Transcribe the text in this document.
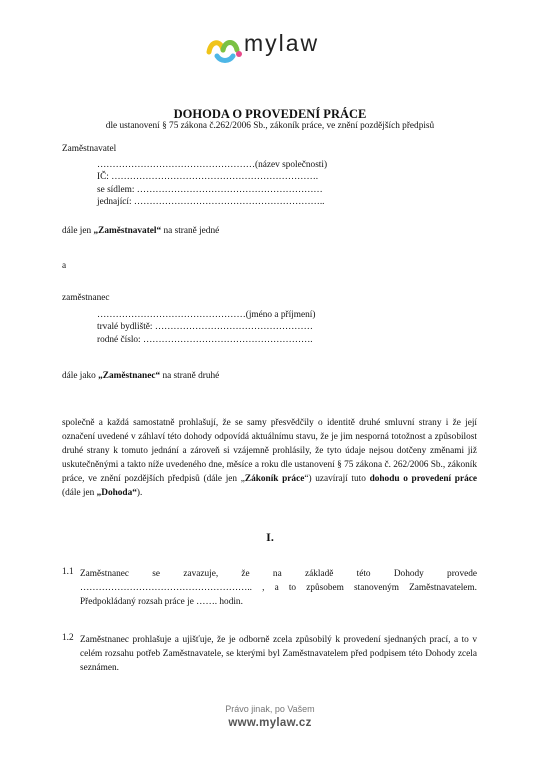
mylaw
DOHODA O PROVEDENÍ PRÁCE
dle ustanovení § 75 zákona č.262/2006 Sb., zákoník práce, ve znění pozdějších předpisů
Zaměstnavatel
……………………………………………(název společnosti)
IČ: ………………………………………………………….
se sídlem: ……………………………………………………
jednající: ……………………………………………………..
dále jen „Zaměstnavatel“ na straně jedné
a
zaměstnanec
…………………………………………(jméno a příjmení)
trvalé bydliště: ……………………………………………
rodné číslo: ……………………………………………….
dále jako „Zaměstnanec“ na straně druhé
společně a každá samostatně prohlašují, že se samy přesvědčily o identitě druhé smluvní strany i že její označení uvedené v záhlaví této dohody odpovídá aktuálnímu stavu, že je jim nesporná totožnost a způsobilost druhé strany k tomuto jednání a zároveň si vzájemně prohlásily, že tyto údaje nejsou dotčeny změnami již uskutečněnými a takto níže uvedeného dne, měsíce a roku dle ustanovení § 75 zákona č. 262/2006 Sb., zákoník práce, ve znění pozdějších předpisů (dále jen „Zákoník práce“) uzavírají tuto dohodu o provedení práce (dále jen „Dohoda“).
I.
1.1 Zaměstnanec se zavazuje, že na základě této Dohody provede ……………………………………………….. , a to způsobem stanoveným Zaměstnavatelem. Předpokládaný rozsah práce je ……. hodin.
1.2 Zaměstnanec prohlašuje a ujišťuje, že je odborně zcela způsobilý k provedení sjednaných prací, a to v celém rozsahu potřeb Zaměstnavatele, se kterými byl Zaměstnavatelem před podpisem této Dohody zcela seznámen.
Právo jinak, po Vašem
www.mylaw.cz
